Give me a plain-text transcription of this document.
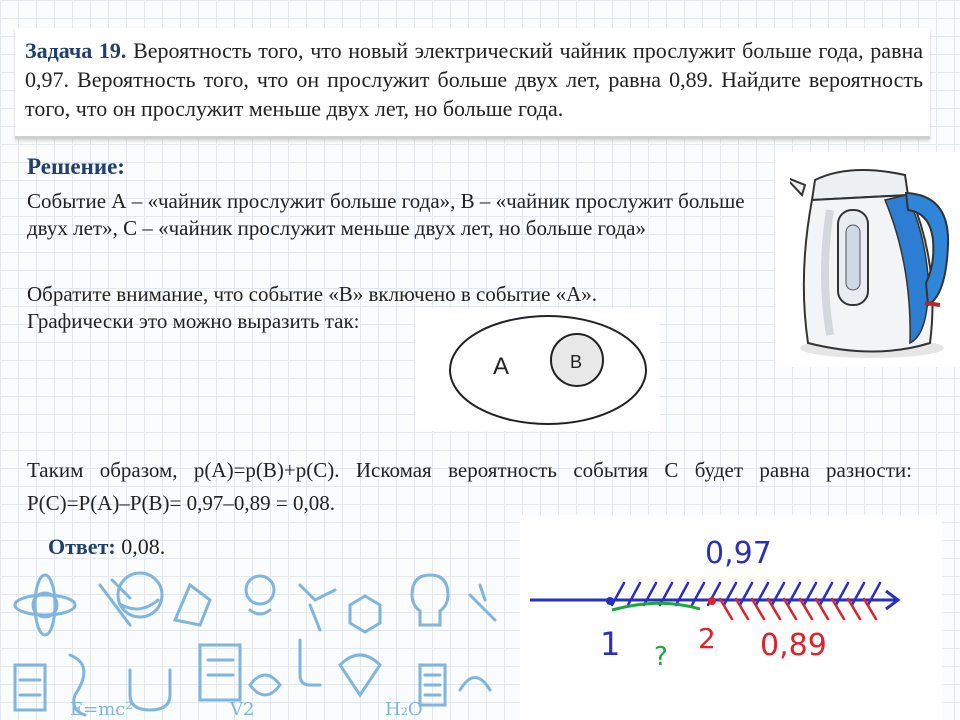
Задача 19. Вероятность того, что новый электрический чайник прослужит больше года, равна 0,97. Вероятность того, что он прослужит больше двух лет, равна 0,89. Найдите вероятность того, что он прослужит меньше двух лет, но больше года.

Решение:
Событие А – «чайник прослужит больше года», В – «чайник прослужит больше двух лет», С – «чайник прослужит меньше двух лет, но больше года»
Обратите внимание, что событие «В» включено в событие «А». Графически это можно выразить так:
А	В
Таким образом, р(А)=р(В)+р(С). Искомая вероятность события С будет равна разности: Р(С)=Р(А)–Р(В)= 0,97–0,89 = 0,08.
E=mc²	V2	H₂O
Ответ: 0,08.	0,97
1	2
?	0,89
